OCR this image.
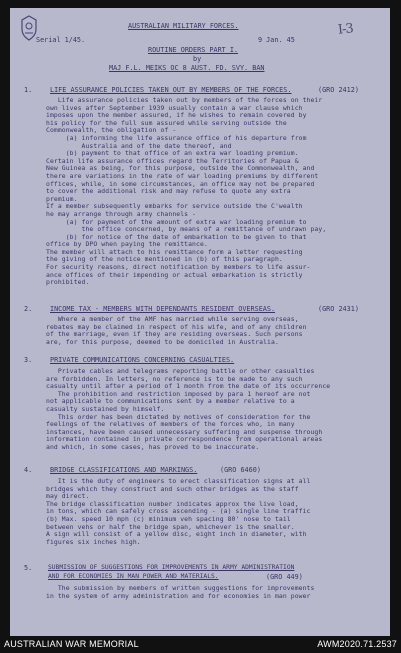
I-3
AUSTRALIAN MILITARY FORCES.
Serial 1/45.	9 Jan. 45
ROUTINE ORDERS PART I.
by
MAJ F.L. MEIKS OC 8 AUST. FD. SVY. BAN
1.	LIFE ASSURANCE POLICIES TAKEN OUT BY MEMBERS OF THE FORCES.	(GRO 2412)
Life assurance policies taken out by members of the forces on their
own lives after September 1939 usually contain a war clause which
imposes upon the member assured, if he wishes to remain covered by
his policy for the full sum assured while serving outside the
Commonwealth, the obligation of -
(a) informing the life assurance office of his departure from
Australia and of the date thereof, and
(b) payment to that office of an extra war loading premium.
Certain life assurance offices regard the Territories of Papua &
New Guinea as being, for this purpose, outside the Commonwealth, and
there are variations in the rate of war loading premiums by different
offices, while, in some circumstances, an office may not be prepared
to cover the additional risk and may refuse to quote any extra
premium.
If a member subsequently embarks for service outside the C'wealth
he may arrange through army channels -
(a) for payment of the amount of extra war loading premium to
the office concerned, by means of a remittance of undrawn pay,
(b) for notice of the date of embarkation to be given to that
office by DPO when paying the remittance.
The member will attach to his remittance form a letter requesting
the giving of the notice mentioned in (b) of this paragraph.
For security reasons, direct notification by members to life assur-
ance offices of their impending or actual embarkation is strictly
prohibited.
2.	INCOME TAX - MEMBERS WITH DEPENDANTS RESIDENT OVERSEAS.	(GRO 2431)
Where a member of the AMF has married while serving overseas,
rebates may be claimed in respect of his wife, and of any children
of the marriage, even if they are residing overseas. Such persons
are, for this purpose, deemed to be domiciled in Australia.
3.	PRIVATE COMMUNICATIONS CONCERNING CASUALTIES.
Private cables and telegrams reporting battle or other casualties
are forbidden. In letters, no reference is to be made to any such
casualty until after a period of 1 month from the date of its occurrence
The prohibition and restriction imposed by para 1 hereof are not
not applicable to communications sent by a member relative to a
casualty sustained by himself.
This order has been dictated by motives of consideration for the
feelings of the relatives of members of the forces who, in many
instances, have been caused unnecessary suffering and suspense through
information contained in private correspondence from operational areas
and which, in some cases, has proved to be inaccurate.
4.	BRIDGE CLASSIFICATIONS AND MARKINGS.	(GRO 6460)
It is the duty of engineers to erect classification signs at all
bridges which they construct and such other bridges as the staff
may direct.
The bridge classification number indicates approx the live load,
in tons, which can safely cross ascending - (a) single line traffic
(b) Max. speed 10 mph (c) minimum veh spacing 80' nose to tail
between vehs or half the bridge span, whichever is the smaller.
A sign will consist of a yellow disc, eight inch in diameter, with
figures six inches high.
5.	SUBMISSION OF SUGGESTIONS FOR IMPROVEMENTS IN ARMY ADMINISTRATION
AND FOR ECONOMIES IN MAN POWER AND MATERIALS.	(GRO 449)
The submission by members of written suggestions for improvements
in the system of army administration and for economies in man power
AUSTRALIAN WAR MEMORIAL	AWM2020.71.2537
